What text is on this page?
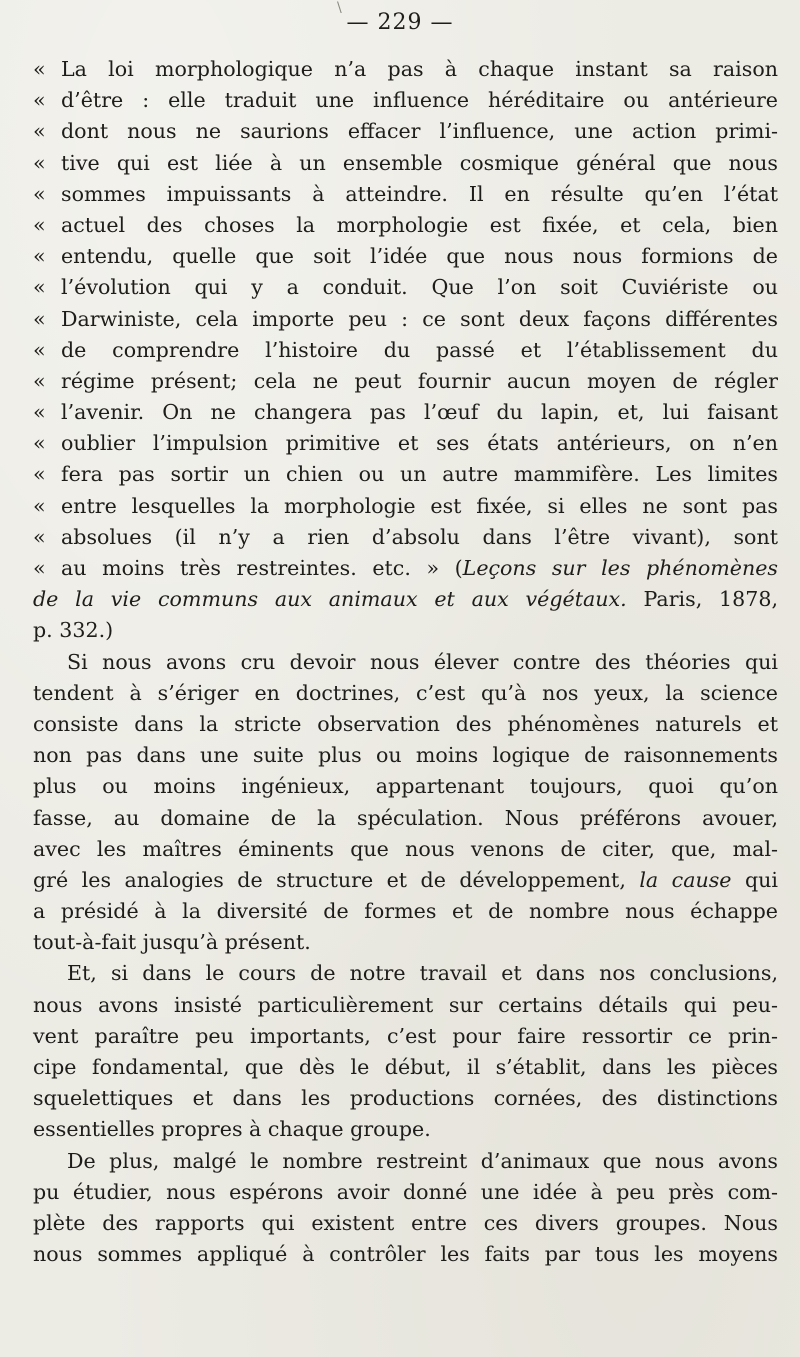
\
— 229 —
« La loi morphologique n’a pas à chaque instant sa raison
« d’être : elle traduit une influence héréditaire ou antérieure
« dont nous ne saurions effacer l’influence, une action primi-
« tive qui est liée à un ensemble cosmique général que nous
« sommes impuissants à atteindre. Il en résulte qu’en l’état
« actuel des choses la morphologie est fixée, et cela, bien
« entendu, quelle que soit l’idée que nous nous formions de
« l’évolution qui y a conduit. Que l’on soit Cuviériste ou
« Darwiniste, cela importe peu : ce sont deux façons différentes
« de comprendre l’histoire du passé et l’établissement du
« régime présent; cela ne peut fournir aucun moyen de régler
« l’avenir. On ne changera pas l’œuf du lapin, et, lui faisant
« oublier l’impulsion primitive et ses états antérieurs, on n’en
« fera pas sortir un chien ou un autre mammifère. Les limites
« entre lesquelles la morphologie est fixée, si elles ne sont pas
« absolues (il n’y a rien d’absolu dans l’être vivant), sont
« au moins très restreintes. etc. » (Leçons sur les phénomènes
de la vie communs aux animaux et aux végétaux. Paris, 1878,
p. 332.)
Si nous avons cru devoir nous élever contre des théories qui
tendent à s’ériger en doctrines, c’est qu’à nos yeux, la science
consiste dans la stricte observation des phénomènes naturels et
non pas dans une suite plus ou moins logique de raisonnements
plus ou moins ingénieux, appartenant toujours, quoi qu’on
fasse, au domaine de la spéculation. Nous préférons avouer,
avec les maîtres éminents que nous venons de citer, que, mal-
gré les analogies de structure et de développement, la cause qui
a présidé à la diversité de formes et de nombre nous échappe
tout-à-fait jusqu’à présent.
Et, si dans le cours de notre travail et dans nos conclusions,
nous avons insisté particulièrement sur certains détails qui peu-
vent paraître peu importants, c’est pour faire ressortir ce prin-
cipe fondamental, que dès le début, il s’établit, dans les pièces
squelettiques et dans les productions cornées, des distinctions
essentielles propres à chaque groupe.
De plus, malgé le nombre restreint d’animaux que nous avons
pu étudier, nous espérons avoir donné une idée à peu près com-
plète des rapports qui existent entre ces divers groupes. Nous
nous sommes appliqué à contrôler les faits par tous les moyens
